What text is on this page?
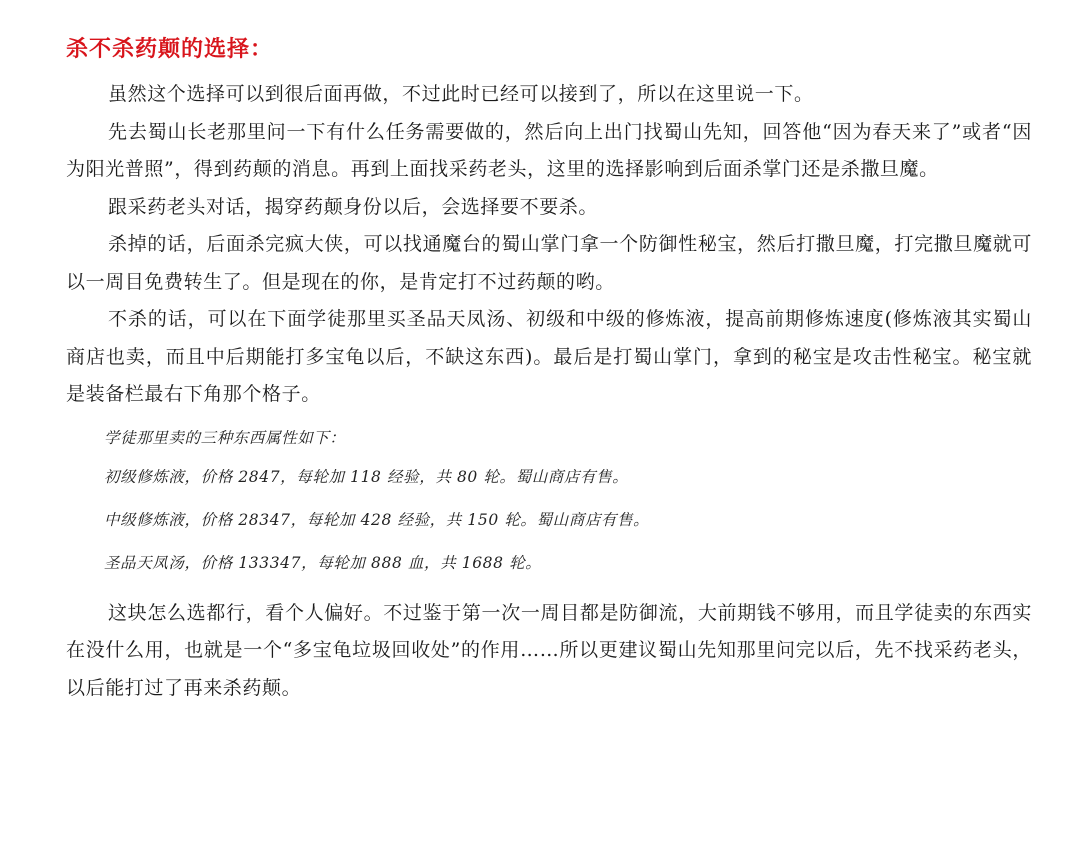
杀不杀药颠的选择：

虽然这个选择可以到很后面再做，不过此时已经可以接到了，所以在这里说一下。

先去蜀山长老那里问一下有什么任务需要做的，然后向上出门找蜀山先知，回答他“因为春天来了”或者“因为阳光普照”，得到药颠的消息。再到上面找采药老头，这里的选择影响到后面杀掌门还是杀撒旦魔。

跟采药老头对话，揭穿药颠身份以后，会选择要不要杀。

杀掉的话，后面杀完疯大侠，可以找通魔台的蜀山掌门拿一个防御性秘宝，然后打撒旦魔，打完撒旦魔就可以一周目免费转生了。但是现在的你，是肯定打不过药颠的哟。

不杀的话，可以在下面学徒那里买圣品天凤汤、初级和中级的修炼液，提高前期修炼速度(修炼液其实蜀山商店也卖，而且中后期能打多宝龟以后，不缺这东西)。最后是打蜀山掌门，拿到的秘宝是攻击性秘宝。秘宝就是装备栏最右下角那个格子。

学徒那里卖的三种东西属性如下：

初级修炼液，价格 2847，每轮加 118 经验，共 80 轮。蜀山商店有售。

中级修炼液，价格 28347，每轮加 428 经验，共 150 轮。蜀山商店有售。

圣品天凤汤，价格 133347，每轮加 888 血，共 1688 轮。

这块怎么选都行，看个人偏好。不过鉴于第一次一周目都是防御流，大前期钱不够用，而且学徒卖的东西实在没什么用，也就是一个“多宝龟垃圾回收处”的作用……所以更建议蜀山先知那里问完以后，先不找采药老头，以后能打过了再来杀药颠。
